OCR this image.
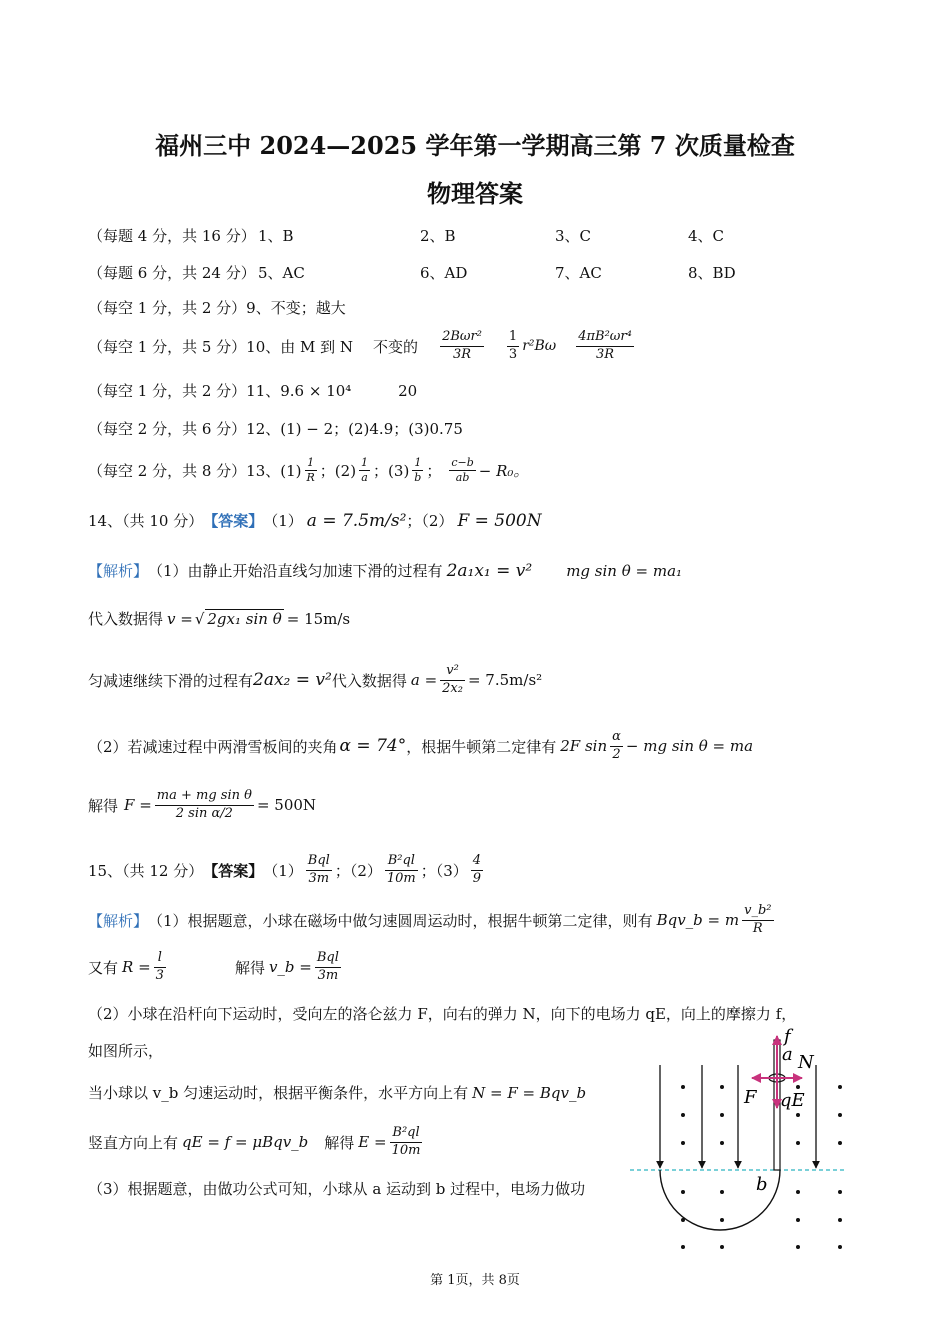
福州三中 2024—2025 学年第一学期高三第 7 次质量检查
物理答案
（每题 4 分，共 16 分） 1、B	2、B	3、C	4、C
（每题 6 分，共 24 分） 5、AC	6、AD	7、AC	8、BD
（每空 1 分，共 2 分）9、不变；越大
（每空 1 分，共 5 分）10、由 M 到 N 不变的 $\frac{\text{2Bωr²}}{3R} \frac{1}{3} r^2B\omega \frac{\text{4πB²ωr⁴}}{3R}$
（每空 1 分，共 2 分）11、9.6 × 10⁴	20
（每空 2 分，共 6 分）12、(1) − 2；(2)4.9；(3)0.75
（每空 2 分，共 8 分）13、$(1) \frac{1}{R}$ ；$(2) \frac{1}{a}$ ；$(3) \frac{1}{b}$ ； $\frac{c-b}{ab} - R_0$。
14、（共 10 分） 【答案】 （1） a = 7.5m/s² ；（2） F = 500N
【解析】 （1）由静止开始沿直线匀加速下滑的过程有 2a₁x₁ = v² mg sin θ = ma₁
代入数据得 v = √ 2gx₁ sin θ = 15m/s
匀减速继续下滑的过程有 2ax₂ = v² 代入数据得 $a = \frac{\text{v²}}{\text{2x₂}} = 7.5m/s^2$
（2）若减速过程中两滑雪板间的夹角 α = 74° ，根据牛顿第二定律有 2F $\sin \frac{\alpha}{2}$ − mg sin θ = ma
解得 $F = \frac{\text{ma + mg sin θ}}{\text{2 sin α/2}} = 500N$
15、（共 12 分） 【答案】 $(1) \frac{\text{Bql}}{3m}$ ；$(2) \frac{\text{B²ql}}{10m}$ ；$(3) \frac{4}{9}$
【解析】 （1）根据题意，小球在磁场中做匀速圆周运动时，根据牛顿第二定律，则有 Bqv_b = m $\frac{\text{v\_b²}}{R}$
又有 $R = \frac{l}{3}$	解得 v_b = $\frac{\text{Bql}}{3m}$
（2）小球在沿杆向下运动时，受向左的洛仑兹力 F，向右的弹力 N，向下的电场力 qE，向上的摩擦力 f，
如图所示，
当小球以 v_b 匀速运动时，根据平衡条件，水平方向上有 N = F = Bqv_b
竖直方向上有 qE = f = μBqv_b 解得 $E = \frac{\text{B²ql}}{10m}$
（3）根据题意，由做功公式可知，小球从 a 运动到 b 过程中，电场力做功
f
a N
F qE
b
第 1页，共 8页
